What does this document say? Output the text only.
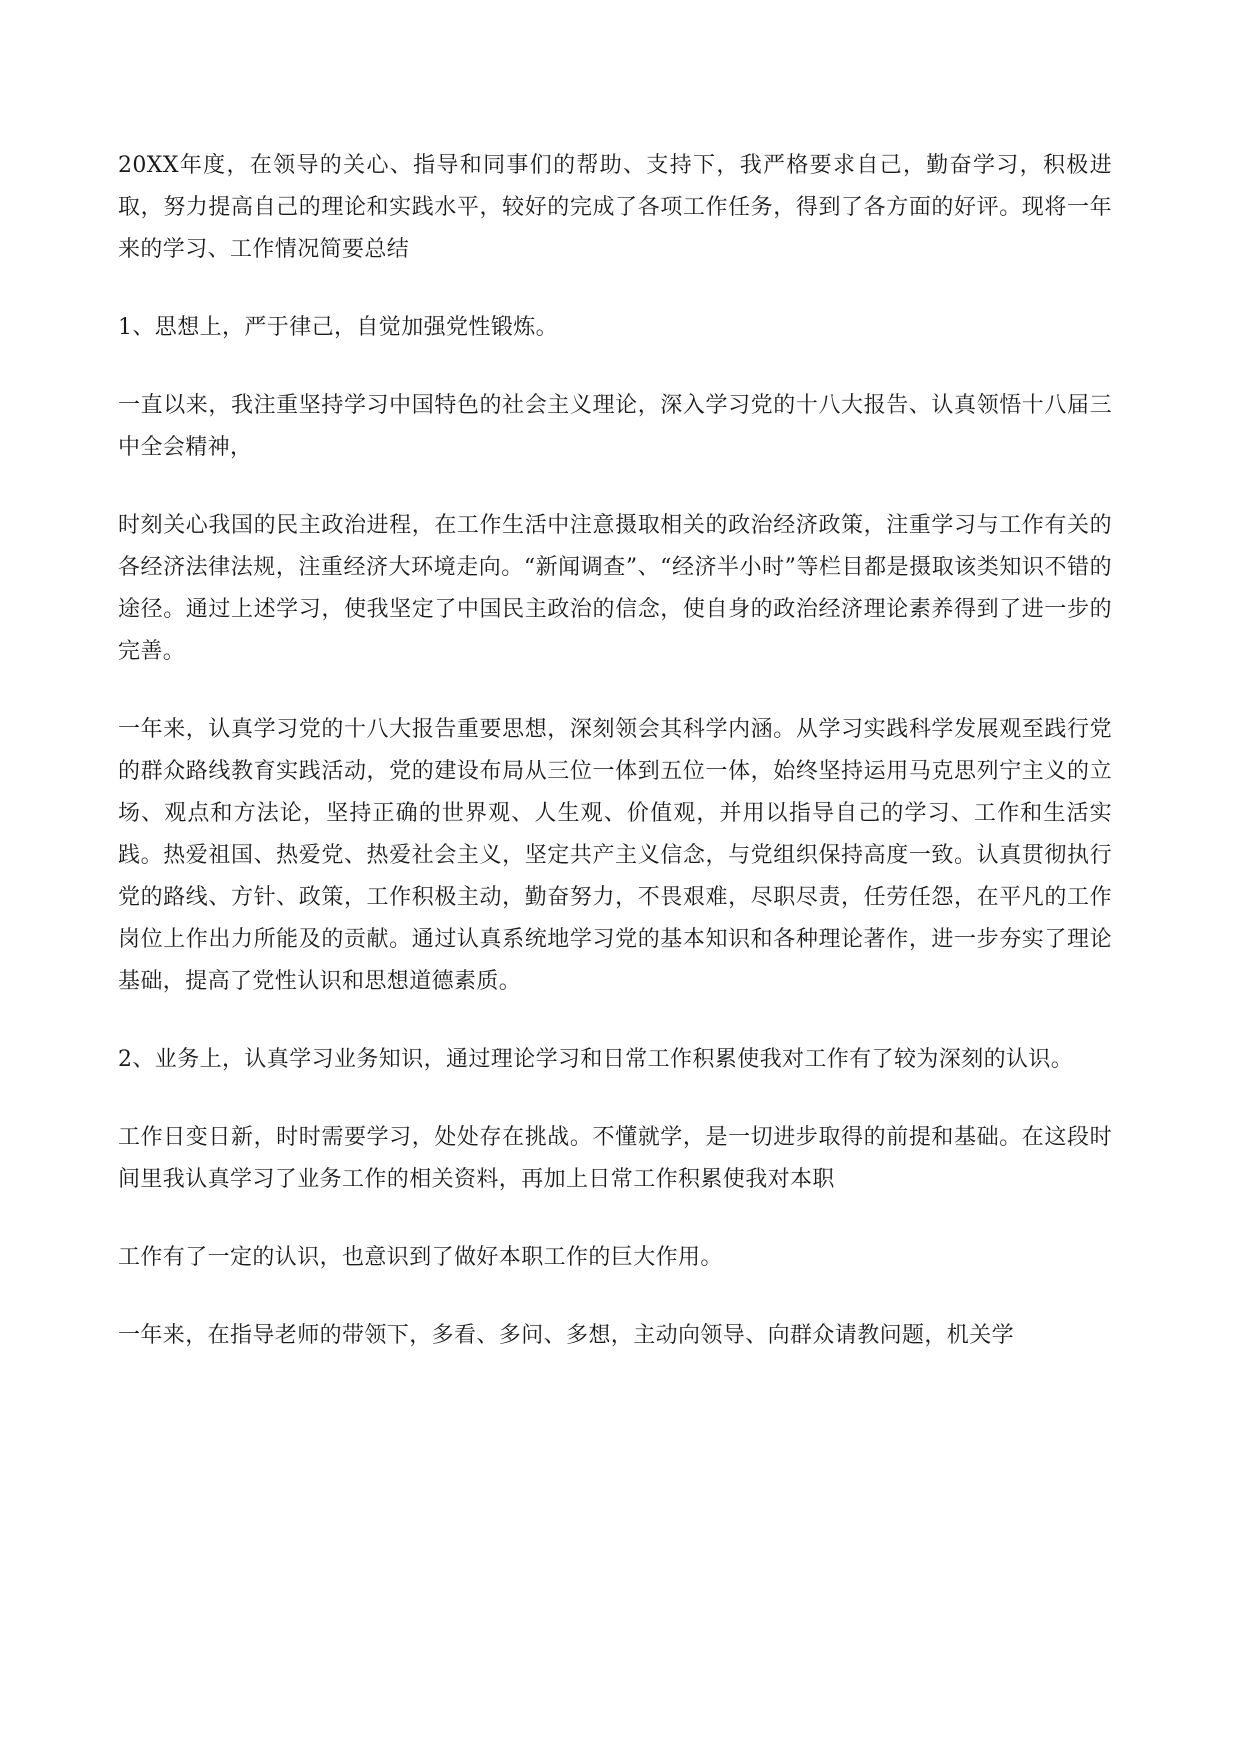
20XX年度，在领导的关心、指导和同事们的帮助、支持下，我严格要求自己，勤奋学习，积极进取，努力提高自己的理论和实践水平，较好的完成了各项工作任务，得到了各方面的好评。现将一年来的学习、工作情况简要总结

1、思想上，严于律己，自觉加强党性锻炼。

一直以来，我注重坚持学习中国特色的社会主义理论，深入学习党的十八大报告、认真领悟十八届三中全会精神，

时刻关心我国的民主政治进程，在工作生活中注意摄取相关的政治经济政策，注重学习与工作有关的各经济法律法规，注重经济大环境走向。“新闻调查”、“经济半小时”等栏目都是摄取该类知识不错的途径。通过上述学习，使我坚定了中国民主政治的信念，使自身的政治经济理论素养得到了进一步的完善。

一年来，认真学习党的十八大报告重要思想，深刻领会其科学内涵。从学习实践科学发展观至践行党的群众路线教育实践活动，党的建设布局从三位一体到五位一体，始终坚持运用马克思列宁主义的立场、观点和方法论，坚持正确的世界观、人生观、价值观，并用以指导自己的学习、工作和生活实践。热爱祖国、热爱党、热爱社会主义，坚定共产主义信念，与党组织保持高度一致。认真贯彻执行党的路线、方针、政策，工作积极主动，勤奋努力，不畏艰难，尽职尽责，任劳任怨，在平凡的工作岗位上作出力所能及的贡献。通过认真系统地学习党的基本知识和各种理论著作，进一步夯实了理论基础，提高了党性认识和思想道德素质。

2、业务上，认真学习业务知识，通过理论学习和日常工作积累使我对工作有了较为深刻的认识。

工作日变日新，时时需要学习，处处存在挑战。不懂就学，是一切进步取得的前提和基础。在这段时间里我认真学习了业务工作的相关资料，再加上日常工作积累使我对本职

工作有了一定的认识，也意识到了做好本职工作的巨大作用。

一年来，在指导老师的带领下，多看、多问、多想，主动向领导、向群众请教问题，机关学
